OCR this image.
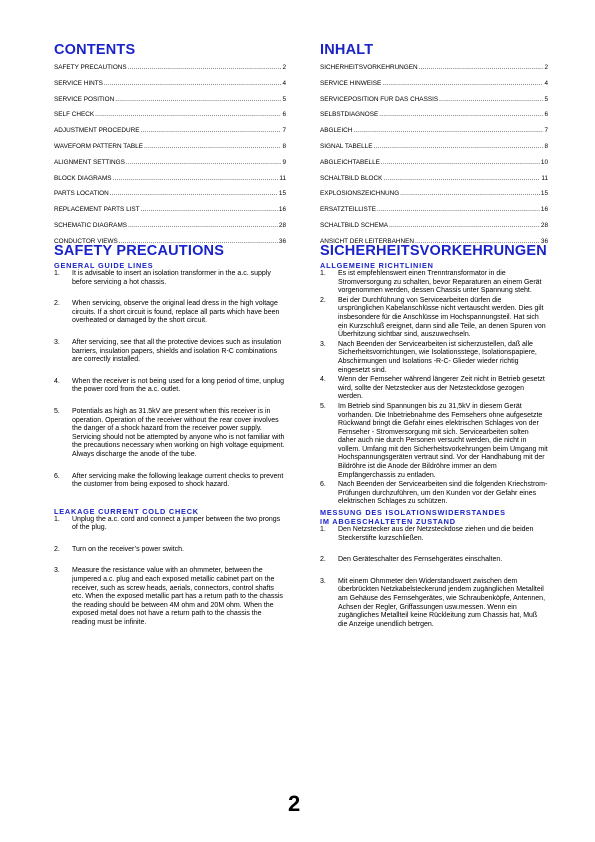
CONTENTS
SAFETY PRECAUTIONS .....	2
SERVICE HINTS .....	4
SERVICE POSITION .....	5
SELF CHECK .....	6
ADJUSTMENT PROCEDURE .....	7
WAVEFORM PATTERN TABLE .....	8
ALIGNMENT SETTINGS .....	9
BLOCK DIAGRAMS .....	11
PARTS LOCATION .....	15
REPLACEMENT PARTS LIST .....	16
SCHEMATIC DIAGRAMS .....	28
CONDUCTOR VIEWS .....	36
INHALT
SICHERHEITSVORKEHRUNGEN .....	2
SERVICE HINWEISE .....	4
SERVICEPOSITION FÜR DAS CHASSIS .....	5
SELBSTDIAGNOSE .....	6
ABGLEICH .....	7
SIGNAL TABELLE .....	8
ABGLEICHTABELLE .....	10
SCHALTBILD BLOCK .....	11
EXPLOSIONSZEICHNUNG .....	15
ERSATZTEILLISTE .....	16
SCHALTBILD SCHEMA .....	28
ANSICHT DER LEITERBAHNEN .....	36
SAFETY PRECAUTIONS
GENERAL GUIDE LINES
1.	It is advisable to insert an isolation transformer in the a.c. supply before servicing a hot chassis.
2.	When servicing, observe the original lead dress in the high voltage circuits. If a short circuit is found, replace all parts which have been overheated or damaged by the short circuit.
3.	After servicing, see that all the protective devices such as insulation barriers, insulation papers, shields and isolation R-C combinations are correctly installed.
4.	When the receiver is not being used for a long period of time, unplug the power cord from the a.c. outlet.
5.	Potentials as high as 31.5kV are present when this receiver is in operation. Operation of the receiver without the rear cover involves the danger of a shock hazard from the receiver power supply. Servicing should not be attempted by anyone who is not familiar with the precautions necessary when working on high voltage equipment. Always discharge the anode of the tube.
6.	After servicing make the following leakage current checks to prevent the customer from being exposed to shock hazard.
LEAKAGE CURRENT COLD CHECK
1.	Unplug the a.c. cord and connect a jumper between the two prongs of the plug.
2.	Turn on the receiver’s power switch.
3.	Measure the resistance value with an ohmmeter, between the jumpered a.c. plug and each exposed metallic cabinet part on the receiver, such as screw heads, aerials, connectors, control shafts etc. When the exposed metallic part has a return path to the chassis the reading should be between 4M ohm and 20M ohm. When the exposed metal does not have a return path to the chassis the reading must be infinite.
SICHERHEITSVORKEHRUNGEN
ALLGEMEINE RICHTLINIEN
1.	Es ist empfehlenswert einen Trenntransformator in die Stromversorgung zu schalten, bevor Reparaturen an einem Gerät vorgenommen werden, dessen Chassis unter Spannung steht.
2.	Bei der Durchführung von Servicearbeiten dürfen die ursprünglichen Kabelanschlüsse nicht vertauscht werden. Dies gilt insbesondere für die Anschlüsse im Hochspannungsteil. Hat sich ein Kurzschluß ereignet, dann sind alle Teile, an denen Spuren von Überhitzung sichtbar sind, auszuwechseln.
3.	Nach Beenden der Servicearbeiten ist sicherzustellen, daß alle Sicherheitsvorrichtungen, wie Isolationsstege, Isolationspapiere, Abschirmungen und Isolations -R-C- Glieder wieder richtig eingesetzt sind.
4.	Wenn der Fernseher während längerer Zeit nicht in Betrieb gesetzt wird, sollte der Netzstecker aus der Netzsteckdose gezogen werden.
5.	Im Betrieb sind Spannungen bis zu 31,5kV in diesem Gerät vorhanden. Die Inbetriebnahme des Fernsehers ohne aufgesetzte Rückwand bringt die Gefahr eines elektrischen Schlages von der Fernseher - Stromversorgung mit sich. Servicearbeiten solten daher auch nie durch Personen versucht werden, die nicht in vollem. Umfang mit den Sicherheitsvorkehrungen beim Umgang mit Hochspannungsgeräten vertraut sind. Vor der Handhabung mit der Bildröhre ist die Anode der Bildröhre immer an dem Empfängerchassis zu entladen.
6.	Nach Beenden der Servicearbeiten sind die folgenden Kriechstrom-Prüfungen durchzuführen, um den Kunden vor der Gefahr eines elektrischen Schlages zu schützen.
MESSUNG DES ISOLATIONSWIDERSTANDES
IM ABGESCHALTETEN ZUSTAND
1.	Den Netzstecker aus der Netzsteckdose ziehen und die beiden Steckerstifte kurzschließen.
2.	Den Geräteschalter des Fernsehgerätes einschalten.
3.	Mit einem Ohmmeter den Widerstandswert zwischen dem überbrückten Netzkabelsteckerund jendem zugänglichen Metallteil am Gehäuse des Fernsehgerätes, wie Schraubenköpfe, Antennen, Achsen der Regler, Griffassungen usw.messen. Wenn ein zugängliches Metallteil keine Rückleitung zum Chassis hat, Muß die Anzeige unendlich betrgen.
2
